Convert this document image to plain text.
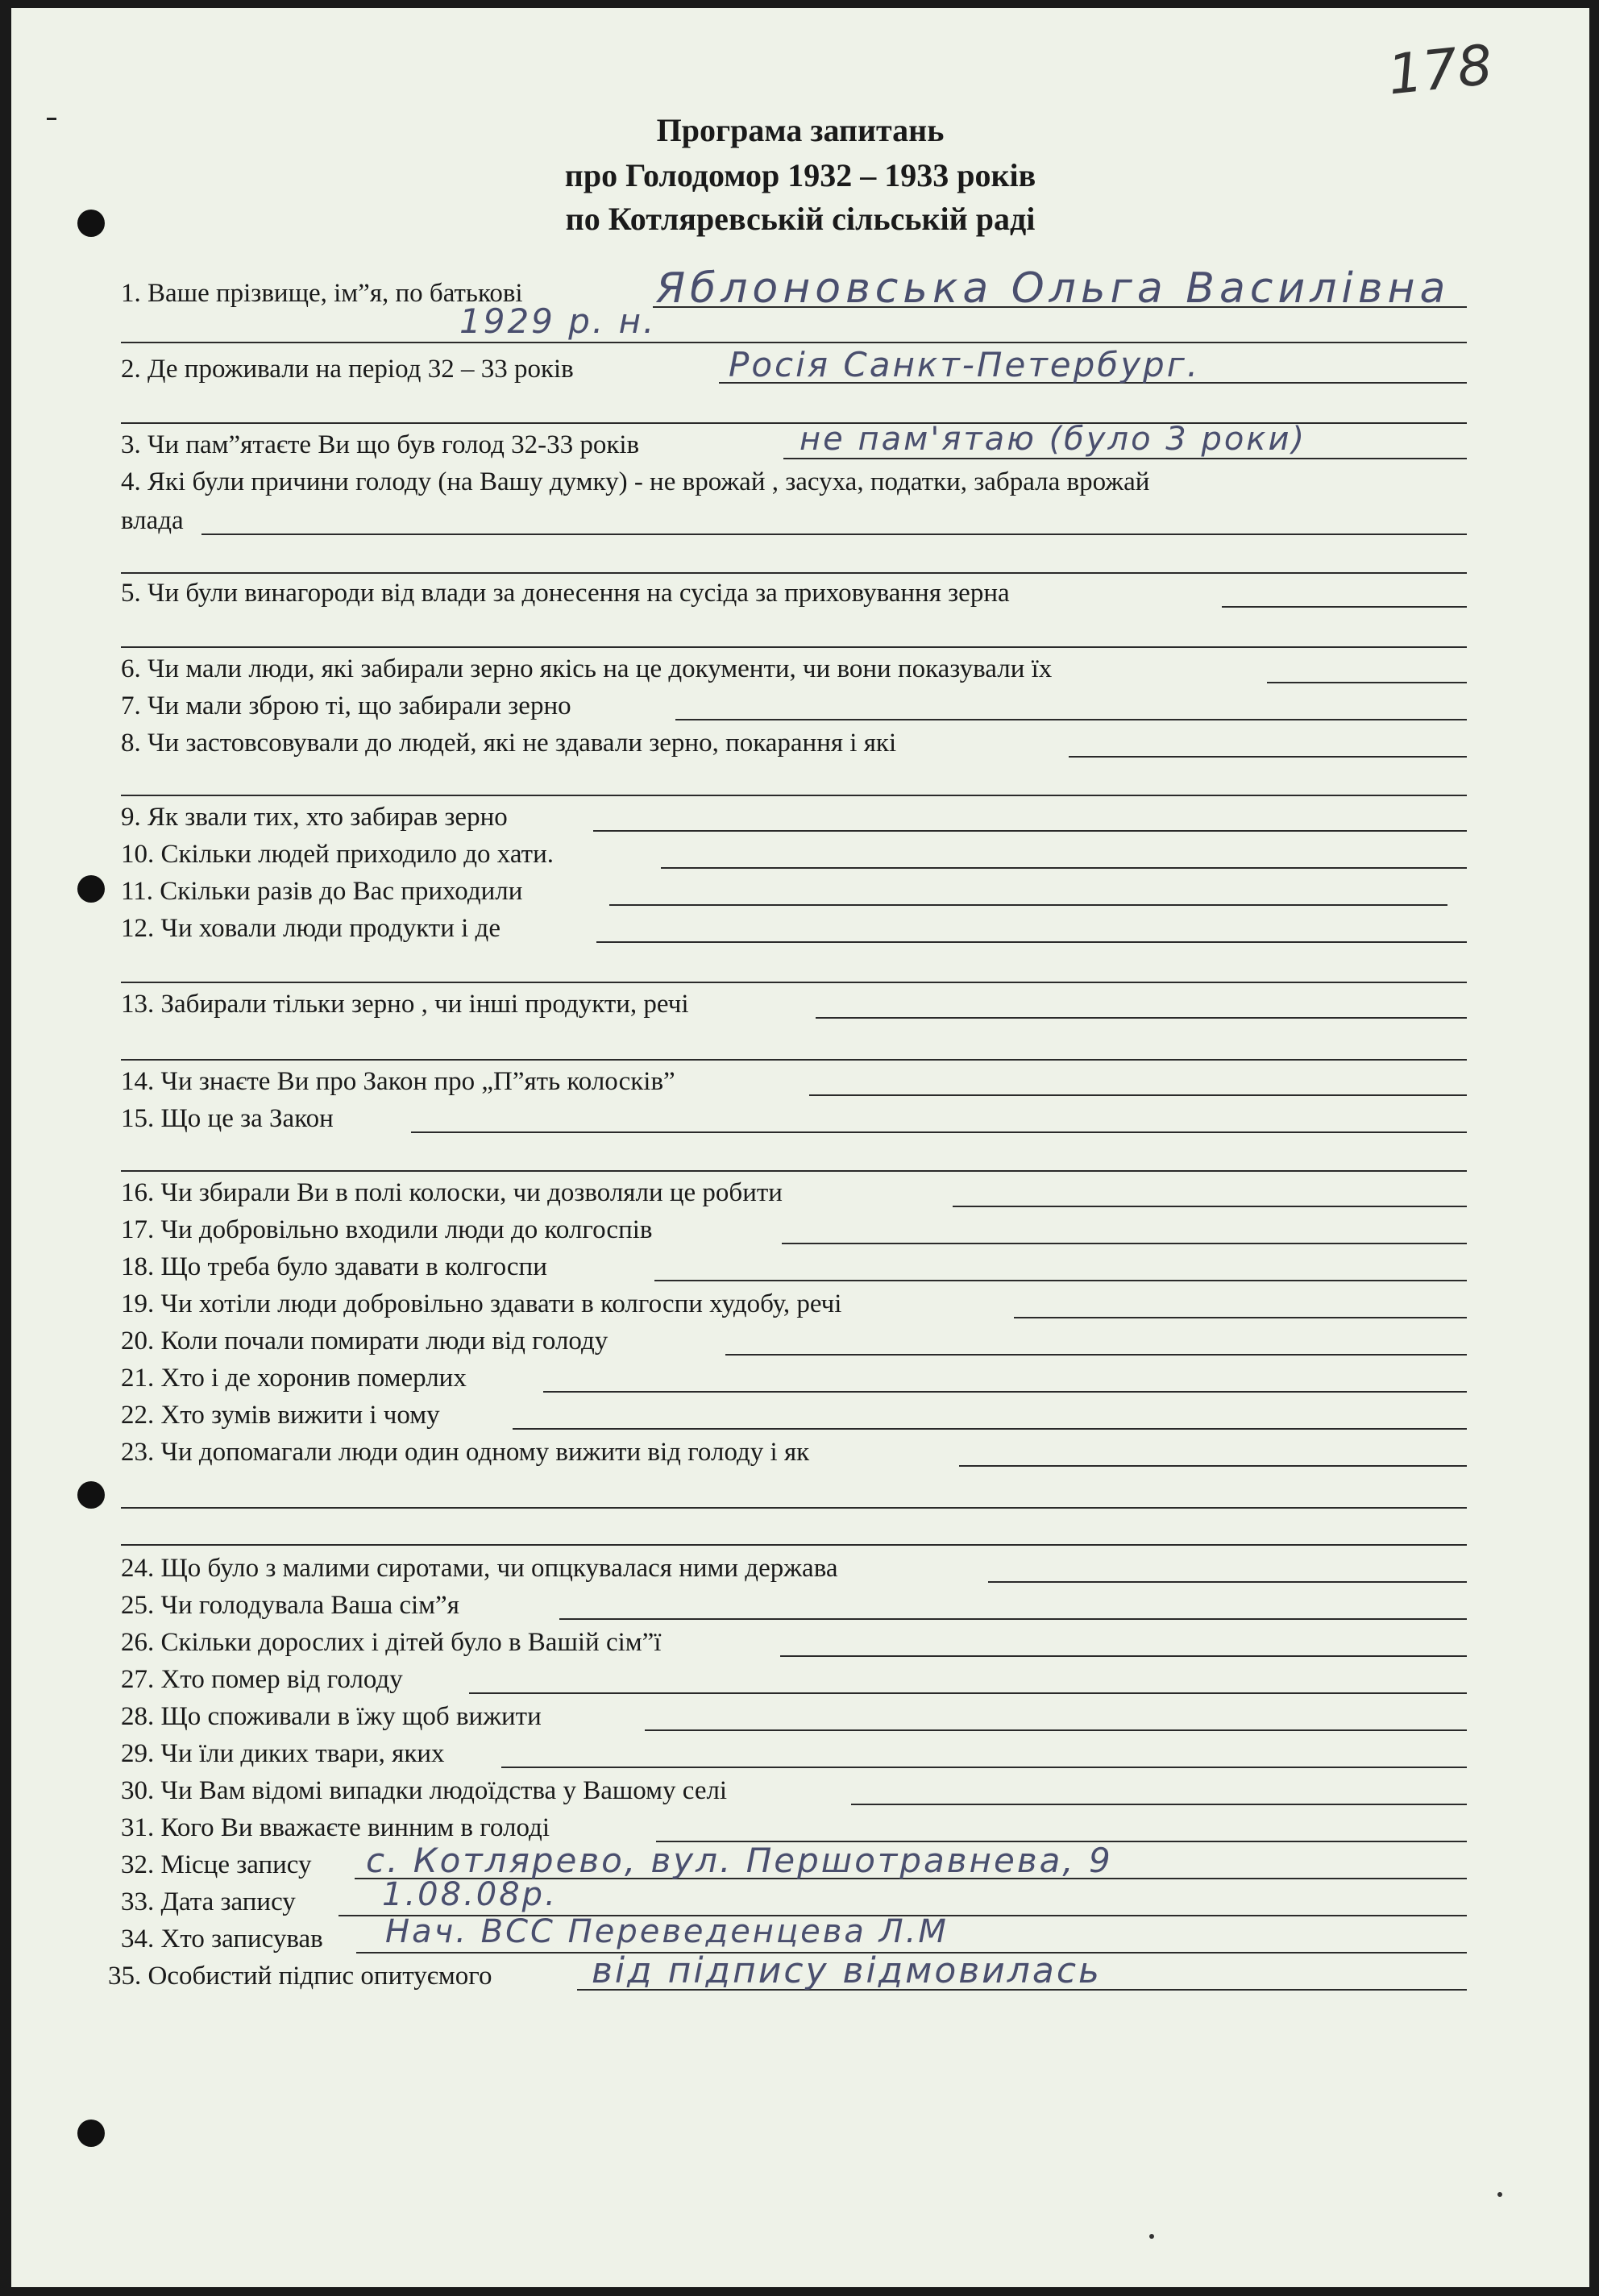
178
Програма запитань
про Голодомор 1932 – 1933 років
по Котляревській сільській раді
1. Ваше прізвище, ім”я, по батькові	Яблоновська Ольга Василівна
1929 р. н.
2. Де проживали на період 32 – 33 років	Росія Санкт-Петербург.
3. Чи пам”ятаєте Ви що був голод 32-33 років	не пам'ятаю (було 3 роки)
4. Які були причини голоду (на Вашу думку) - не врожай , засуха, податки, забрала врожай
влада
5. Чи були винагороди від влади за донесення на сусіда за приховування зерна
6. Чи мали люди, які забирали зерно якісь на це документи, чи вони показували їх
7. Чи мали зброю ті, що забирали зерно
8. Чи застовсовували до людей, які не здавали зерно, покарання і які
9. Як звали тих, хто забирав зерно
10. Скільки людей приходило до хати.
11. Скільки разів до Вас приходили
12. Чи ховали люди продукти і де
13. Забирали тільки зерно , чи інші продукти, речі
14. Чи знаєте Ви про Закон про „П”ять колосків”
15. Що це за Закон
16. Чи збирали Ви в полі колоски, чи дозволяли це робити
17. Чи добровільно входили люди до колгоспів
18. Що треба було здавати в колгоспи
19. Чи хотіли люди добровільно здавати в колгоспи худобу, речі
20. Коли почали помирати люди від голоду
21. Хто і де хоронив померлих
22. Хто зумів вижити і чому
23. Чи допомагали люди один одному вижити від голоду і як
24. Що було з малими сиротами, чи опцкувалася ними держава
25. Чи голодувала Ваша сім”я
26. Скільки дорослих і дітей було в Вашій сім”ї
27. Хто помер від голоду
28. Що споживали в їжу щоб вижити
29. Чи їли диких твари, яких
30. Чи Вам відомі випадки людоїдства у Вашому селі
31. Кого Ви вважаєте винним в голоді
32. Місце запису с. Котлярево, вул. Першотравнева, 9
33. Дата запису	1.08.08р.
34. Хто записував Нач. ВСС Переведенцева Л.М
35. Особистий підпис опитуємого	від підпису відмовилась
